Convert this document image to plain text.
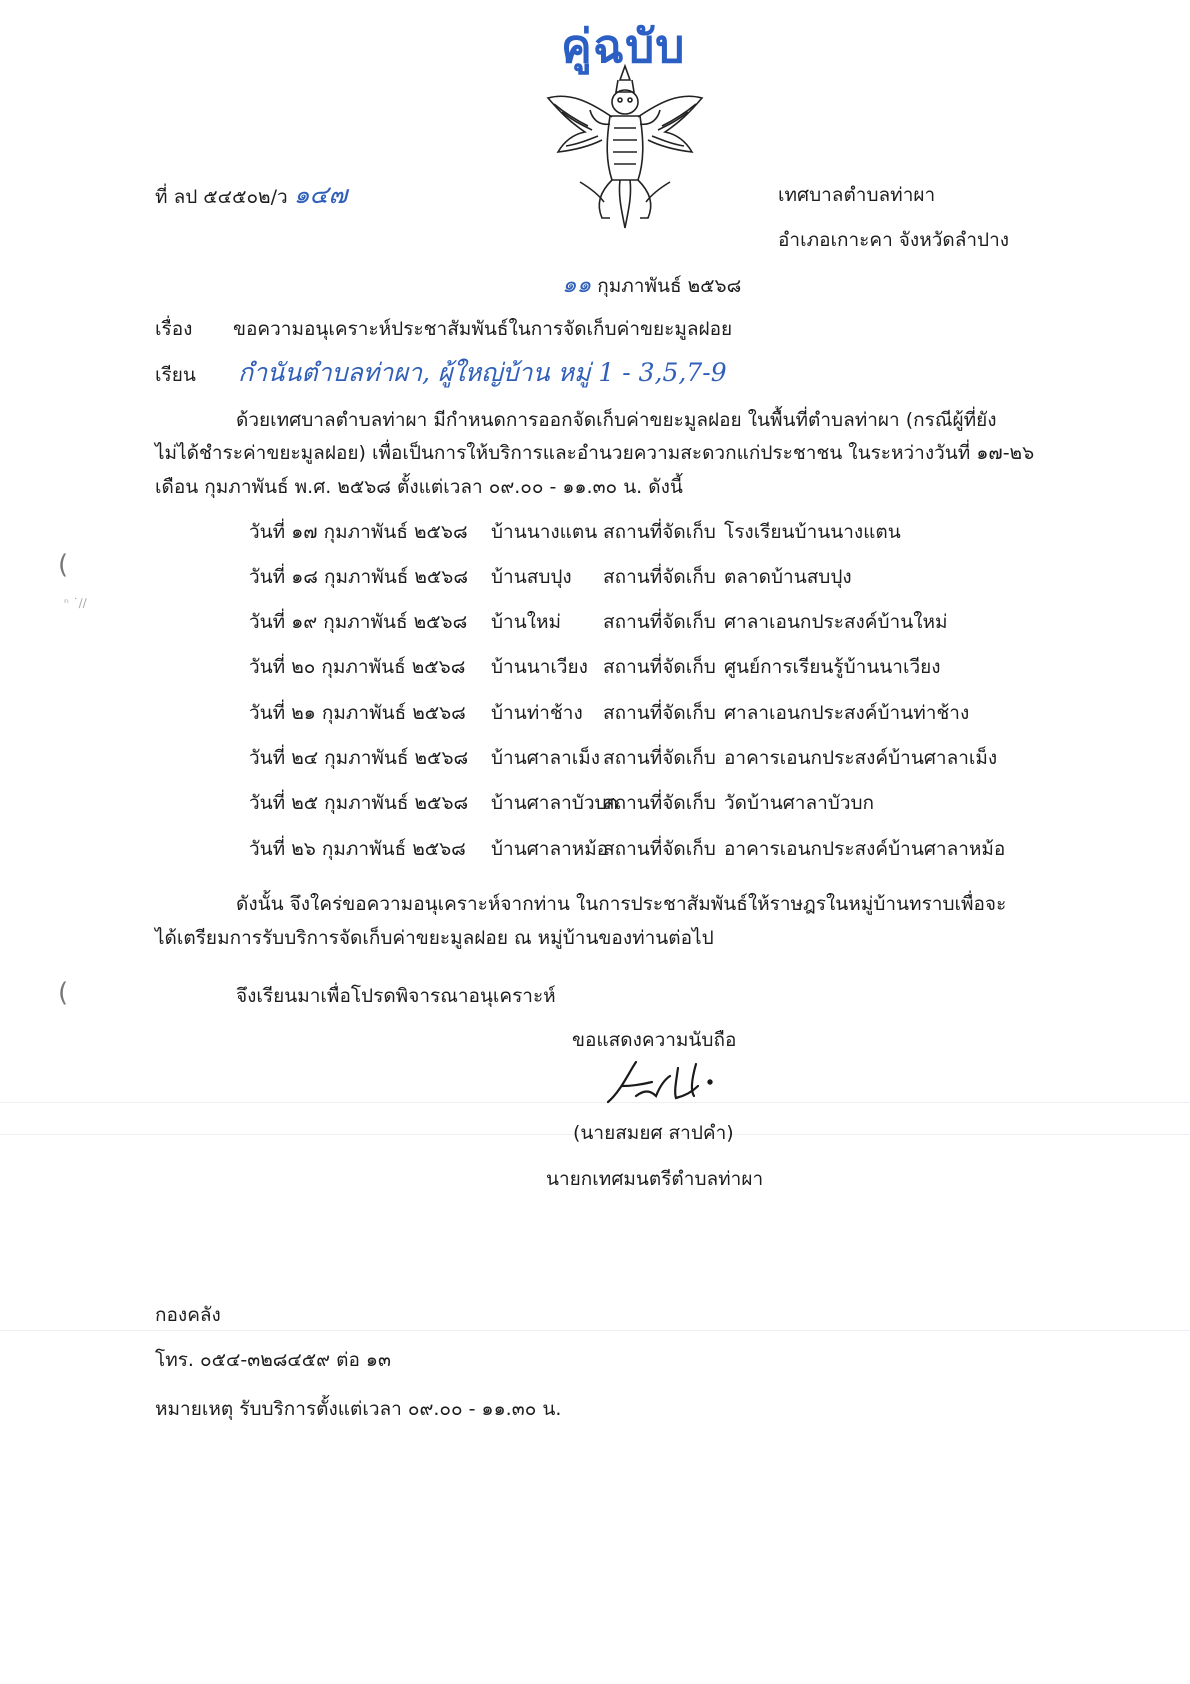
คู่ฉบับ
ที่ ลป ๕๔๕๐๒/ว ๑๔๗	เทศบาลตำบลท่าผา
อำเภอเกาะคา จังหวัดลำปาง
๑๑ กุมภาพันธ์ ๒๕๖๘
เรื่อง ขอความอนุเคราะห์ประชาสัมพันธ์ในการจัดเก็บค่าขยะมูลฝอย
เรียน กำนันตำบลท่าผา, ผู้ใหญ่บ้าน หมู่ 1 - 3,5,7-9
ด้วยเทศบาลตำบลท่าผา มีกำหนดการออกจัดเก็บค่าขยะมูลฝอย ในพื้นที่ตำบลท่าผา (กรณีผู้ที่ยัง
ไม่ได้ชำระค่าขยะมูลฝอย) เพื่อเป็นการให้บริการและอำนวยความสะดวกแก่ประชาชน ในระหว่างวันที่ ๑๗-๒๖
เดือน กุมภาพันธ์ พ.ศ. ๒๕๖๘ ตั้งแต่เวลา ๐๙.๐๐ - ๑๑.๓๐ น. ดังนี้
วันที่ ๑๗ กุมภาพันธ์ ๒๕๖๘ บ้านนางแตน สถานที่จัดเก็บ โรงเรียนบ้านนางแตน
วันที่ ๑๘ กุมภาพันธ์ ๒๕๖๘ บ้านสบปุง สถานที่จัดเก็บ ตลาดบ้านสบปุง
วันที่ ๑๙ กุมภาพันธ์ ๒๕๖๘ บ้านใหม่ สถานที่จัดเก็บ ศาลาเอนกประสงค์บ้านใหม่
วันที่ ๒๐ กุมภาพันธ์ ๒๕๖๘ บ้านนาเวียง สถานที่จัดเก็บ ศูนย์การเรียนรู้บ้านนาเวียง
วันที่ ๒๑ กุมภาพันธ์ ๒๕๖๘ บ้านท่าช้าง สถานที่จัดเก็บ ศาลาเอนกประสงค์บ้านท่าช้าง
วันที่ ๒๔ กุมภาพันธ์ ๒๕๖๘ บ้านศาลาเม็ง สถานที่จัดเก็บ อาคารเอนกประสงค์บ้านศาลาเม็ง
วันที่ ๒๕ กุมภาพันธ์ ๒๕๖๘ บ้านศาลาบัวบก
สถานที่จัดเก็บ วัดบ้านศาลาบัวบก
วันที่ ๒๖ กุมภาพันธ์ ๒๕๖๘ บ้านศาลาหม้อ
สถานที่จัดเก็บ อาคารเอนกประสงค์บ้านศาลาหม้อ
ดังนั้น จึงใคร่ขอความอนุเคราะห์จากท่าน ในการประชาสัมพันธ์ให้ราษฎรในหมู่บ้านทราบเพื่อจะ
ได้เตรียมการรับบริการจัดเก็บค่าขยะมูลฝอย ณ หมู่บ้านของท่านต่อไป
จึงเรียนมาเพื่อโปรดพิจารณาอนุเคราะห์
ขอแสดงความนับถือ
(นายสมยศ สาปคำ)
นายกเทศมนตรีตำบลท่าผา
กองคลัง
โทร. ๐๕๔-๓๒๘๔๕๙ ต่อ ๑๓
หมายเหตุ รับบริการตั้งแต่เวลา ๐๙.๐๐ - ๑๑.๓๐ น.
(
ⁿ ˙∕∕
(
